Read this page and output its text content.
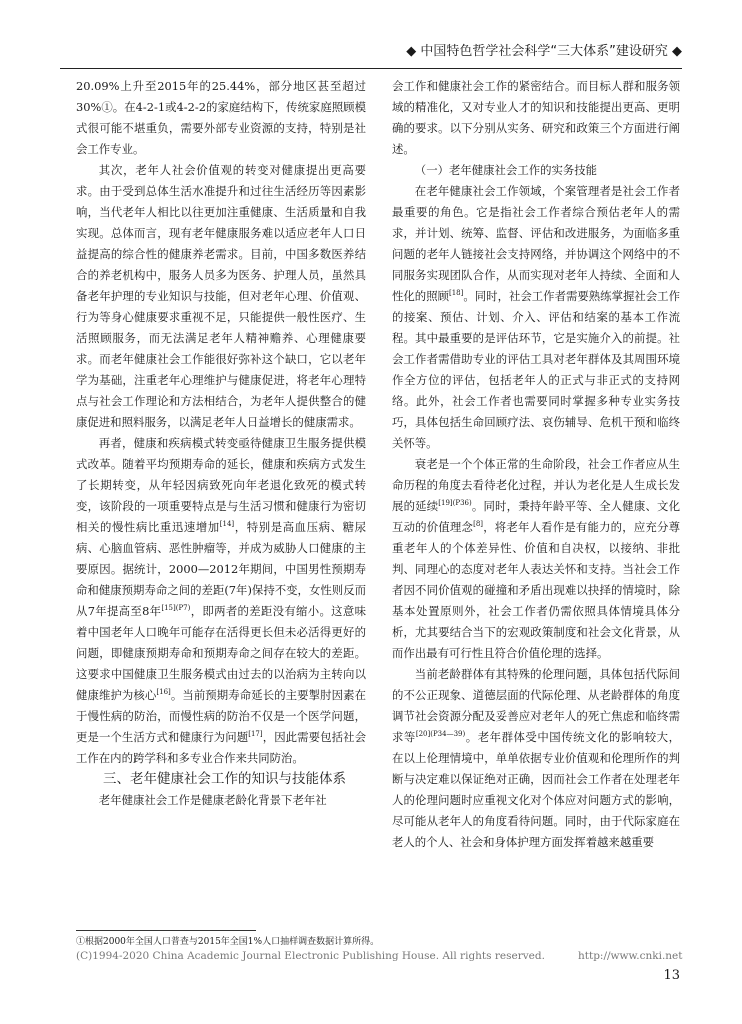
◆ 中国特色哲学社会科学“三大体系”建设研究 ◆

20.09%上升至2015年的25.44%，部分地区甚至超过30%①。在4-2-1或4-2-2的家庭结构下，传统家庭照顾模式很可能不堪重负，需要外部专业资源的支持，特别是社会工作专业。

其次，老年人社会价值观的转变对健康提出更高要求。由于受到总体生活水准提升和过往生活经历等因素影响，当代老年人相比以往更加注重健康、生活质量和自我实现。总体而言，现有老年健康服务难以适应老年人口日益提高的综合性的健康养老需求。目前，中国多数医养结合的养老机构中，服务人员多为医务、护理人员，虽然具备老年护理的专业知识与技能，但对老年心理、价值观、行为等身心健康要求重视不足，只能提供一般性医疗、生活照顾服务，而无法满足老年人精神赡养、心理健康要求。而老年健康社会工作能很好弥补这个缺口，它以老年学为基础，注重老年心理维护与健康促进，将老年心理特点与社会工作理论和方法相结合，为老年人提供整合的健康促进和照料服务，以满足老年人日益增长的健康需求。

再者，健康和疾病模式转变亟待健康卫生服务提供模式改革。随着平均预期寿命的延长，健康和疾病方式发生了长期转变，从年轻因病致死向年老退化致死的模式转变，该阶段的一项重要特点是与生活习惯和健康行为密切相关的慢性病比重迅速增加[14]，特别是高血压病、糖尿病、心脑血管病、恶性肿瘤等，并成为威胁人口健康的主要原因。据统计，2000—2012年期间，中国男性预期寿命和健康预期寿命之间的差距(7年)保持不变，女性则反而从7年提高至8年$^{[15](P7)}$，即两者的差距没有缩小。这意味着中国老年人口晚年可能存在活得更长但未必活得更好的问题，即健康预期寿命和预期寿命之间存在较大的差距。这要求中国健康卫生服务模式由过去的以治病为主转向以健康维护为核心[16]。当前预期寿命延长的主要掣肘因素在于慢性病的防治，而慢性病的防治不仅是一个医学问题，更是一个生活方式和健康行为问题[17]，因此需要包括社会工作在内的跨学科和多专业合作来共同防治。

三、老年健康社会工作的知识与技能体系

老年健康社会工作是健康老龄化背景下老年社

会工作和健康社会工作的紧密结合。而目标人群和服务领域的精准化，又对专业人才的知识和技能提出更高、更明确的要求。以下分别从实务、研究和政策三个方面进行阐述。

（一）老年健康社会工作的实务技能

在老年健康社会工作领域，个案管理者是社会工作者最重要的角色。它是指社会工作者综合预估老年人的需求，并计划、统筹、监督、评估和改进服务，为面临多重问题的老年人链接社会支持网络，并协调这个网络中的不同服务实现团队合作，从而实现对老年人持续、全面和人性化的照顾[18]。同时，社会工作者需要熟练掌握社会工作的接案、预估、计划、介入、评估和结案的基本工作流程。其中最重要的是评估环节，它是实施介入的前提。社会工作者需借助专业的评估工具对老年群体及其周围环境作全方位的评估，包括老年人的正式与非正式的支持网络。此外，社会工作者也需要同时掌握多种专业实务技巧，具体包括生命回顾疗法、哀伤辅导、危机干预和临终关怀等。

衰老是一个个体正常的生命阶段，社会工作者应从生命历程的角度去看待老化过程，并认为老化是人生成长发展的延续$^{[19](P36)}$。同时，秉持年龄平等、全人健康、文化互动的价值理念[8]，将老年人看作是有能力的，应充分尊重老年人的个体差异性、价值和自决权，以接纳、非批判、同理心的态度对老年人表达关怀和支持。当社会工作者因不同价值观的碰撞和矛盾出现难以抉择的情境时，除基本处置原则外，社会工作者仍需依照具体情境具体分析，尤其要结合当下的宏观政策制度和社会文化背景，从而作出最有可行性且符合价值伦理的选择。

当前老龄群体有其特殊的伦理问题，具体包括代际间的不公正现象、道德层面的代际伦理、从老龄群体的角度调节社会资源分配及妥善应对老年人的死亡焦虑和临终需求等$^{[20](P34—39)}$。老年群体受中国传统文化的影响较大，在以上伦理情境中，单单依据专业价值观和伦理所作的判断与决定难以保证绝对正确，因而社会工作者在处理老年人的伦理问题时应重视文化对个体应对问题方式的影响，尽可能从老年人的角度看待问题。同时，由于代际家庭在老人的个人、社会和身体护理方面发挥着越来越重要

①根据2000年全国人口普查与2015年全国1%人口抽样调查数据计算所得。
(C)1994-2020 China Academic Journal Electronic Publishing House. All rights reserved.	http://www.cnki.net
13
